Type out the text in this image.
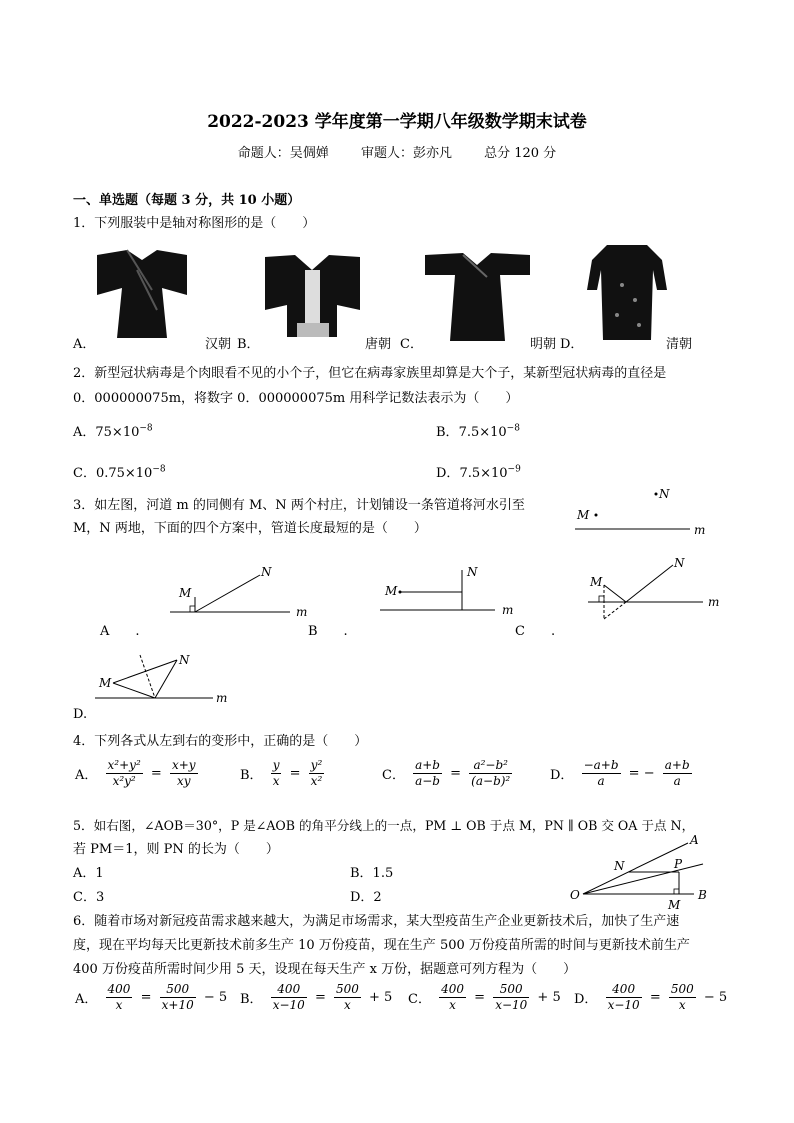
2022-2023 学年度第一学期八年级数学期末试卷
命题人：吴倜婵 审题人：彭亦凡 总分 120 分
一、单选题（每题 3 分，共 10 小题）
1．下列服装中是轴对称图形的是（　　）
A．	汉朝 B．	唐朝 C．	明朝 D．	清朝
2．新型冠状病毒是个肉眼看不见的小个子，但它在病毒家族里却算是大个子，某新型冠状病毒的直径是
0．000000075m，将数字 0．000000075m 用科学记数法表示为（　　）
A．$75\times 10^{-8}$	B．$7.5\times 10^{-8}$
C．$0.75\times 10^{-8}$	D．$7.5\times 10^{-9}$
3．如左图，河道 m 的同侧有 M、N 两个村庄，计划铺设一条管道将河水引至
M，N 两地，下面的四个方案中，管道长度最短的是（　　）
N
M
m
M
N
m
A　　.
M
N
m
B　　.
M
N
m
C　　.
M
N
m
D.
4．下列各式从左到右的变形中，正确的是（　　）
A． $\frac{\text{x²+y²}}{\text{x²y²}} = \frac{x+y}{xy}$	B． $\frac{y}{x} = \frac{\text{y²}}{\text{x²}}$	C． $\frac{a+b}{a-b} = \frac{\text{a²−b²}}{\text{(a−b)²}}$	D． $\frac{-a+b}{a}$ = − $\frac{a+b}{a}$
5．如右图，∠AOB＝30°，P 是∠AOB 的角平分线上的一点，PM ⊥ OB 于点 M，PN ∥ OB 交 OA 于点 N，
若 PM＝1，则 PN 的长为（　　）
A．1	B．1.5
C．3	D．2
A
P
N
O	B
M
6．随着市场对新冠疫苗需求越来越大，为满足市场需求，某大型疫苗生产企业更新技术后，加快了生产速
度，现在平均每天比更新技术前多生产 10 万份疫苗，现在生产 500 万份疫苗所需的时间与更新技术前生产
400 万份疫苗所需时间少用 5 天，设现在每天生产 x 万份，据题意可列方程为（　　）
A． $\frac{400}{x} = \frac{500}{x+10} - 5$ B． $\frac{400}{x-10} = \frac{500}{x} + 5$ C． $\frac{400}{x} = \frac{500}{x-10} + 5$ D． $\frac{400}{x-10} = \frac{500}{x} - 5$
